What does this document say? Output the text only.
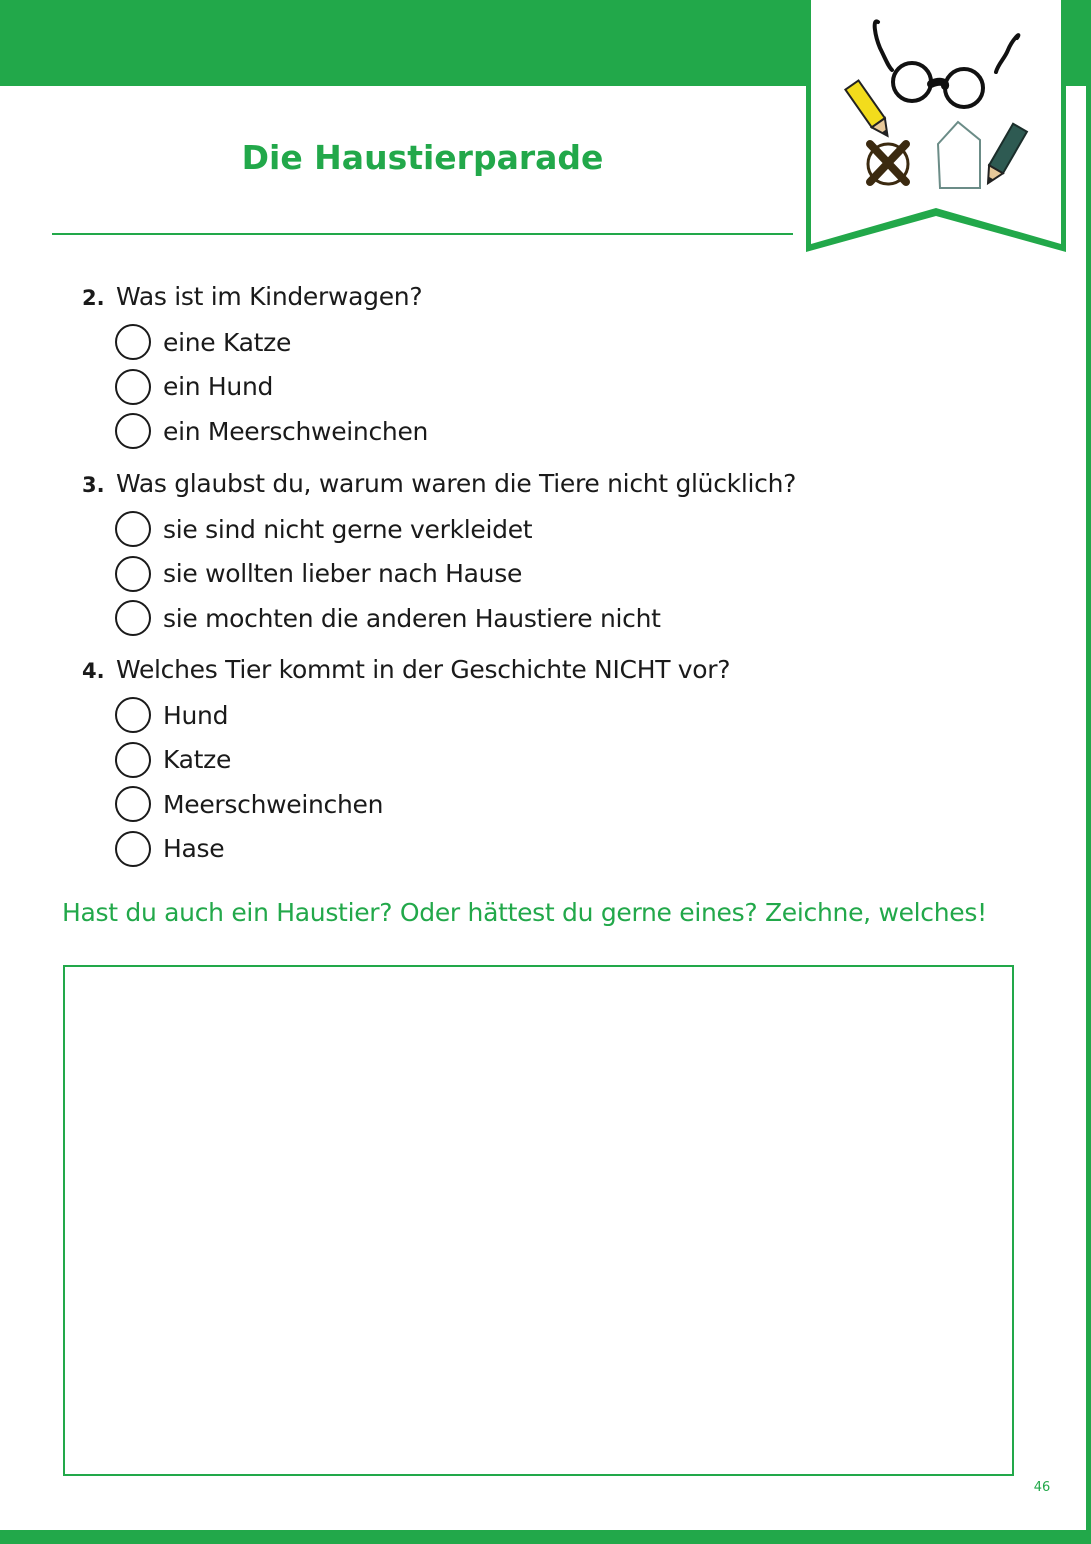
Die Haustierparade
2. Was ist im Kinderwagen?
eine Katze
ein Hund
ein Meerschweinchen
3. Was glaubst du, warum waren die Tiere nicht glücklich?
sie sind nicht gerne verkleidet
sie wollten lieber nach Hause
sie mochten die anderen Haustiere nicht
4. Welches Tier kommt in der Geschichte NICHT vor?
Hund
Katze
Meerschweinchen
Hase
Hast du auch ein Haustier? Oder hättest du gerne eines? Zeichne, welches!
46
